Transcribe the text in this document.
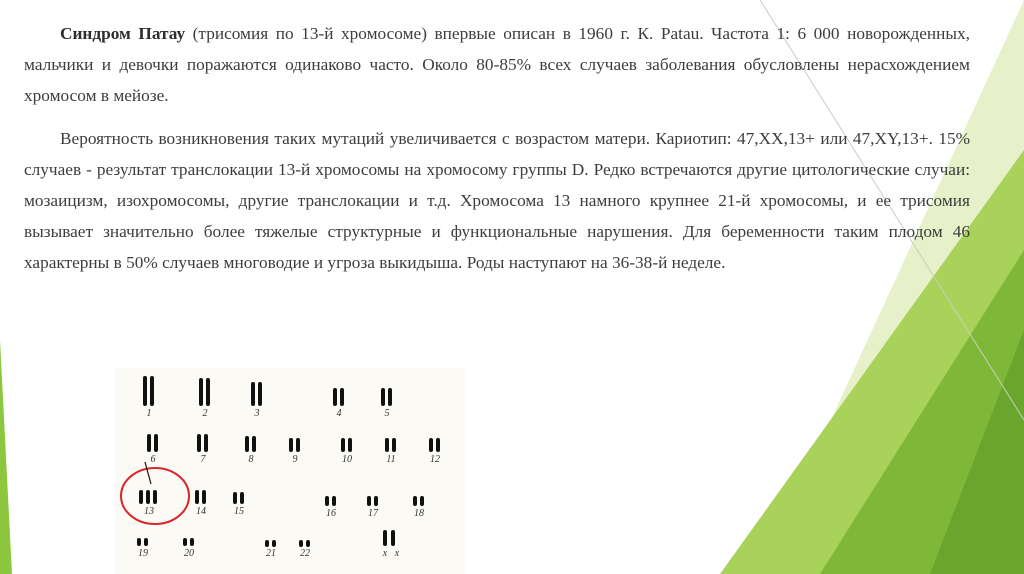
Синдром Патау (трисомия по 13-й хромосоме) впервые описан в 1960 г. К. Patau. Частота 1: 6 000 новорожденных, мальчики и девочки поражаются одинаково часто. Около 80-85% всех случаев заболевания обусловлены нерасхождением хромосом в мейозе.

Вероятность возникновения таких мутаций увеличивается с возрастом матери. Кариотип: 47,XX,13+ или 47,XY,13+. 15% случаев - результат транслокации 13-й хромосомы на хромосому группы D. Редко встречаются другие цитологические случаи: мозаицизм, изохромосомы, другие транслокации и т.д. Хромосома 13 намного крупнее 21-й хромосомы, и ее трисомия вызывает значительно более тяжелые структурные и функциональные нарушения. Для беременности таким плодом 46 характерны в 50% случаев многоводие и угроза выкидыша. Роды наступают на 36-38-й неделе.

1	2	3	4	5
6	7	8	9	10	11	12
13	14	15	16	17	18
19	20	21	22	x x
